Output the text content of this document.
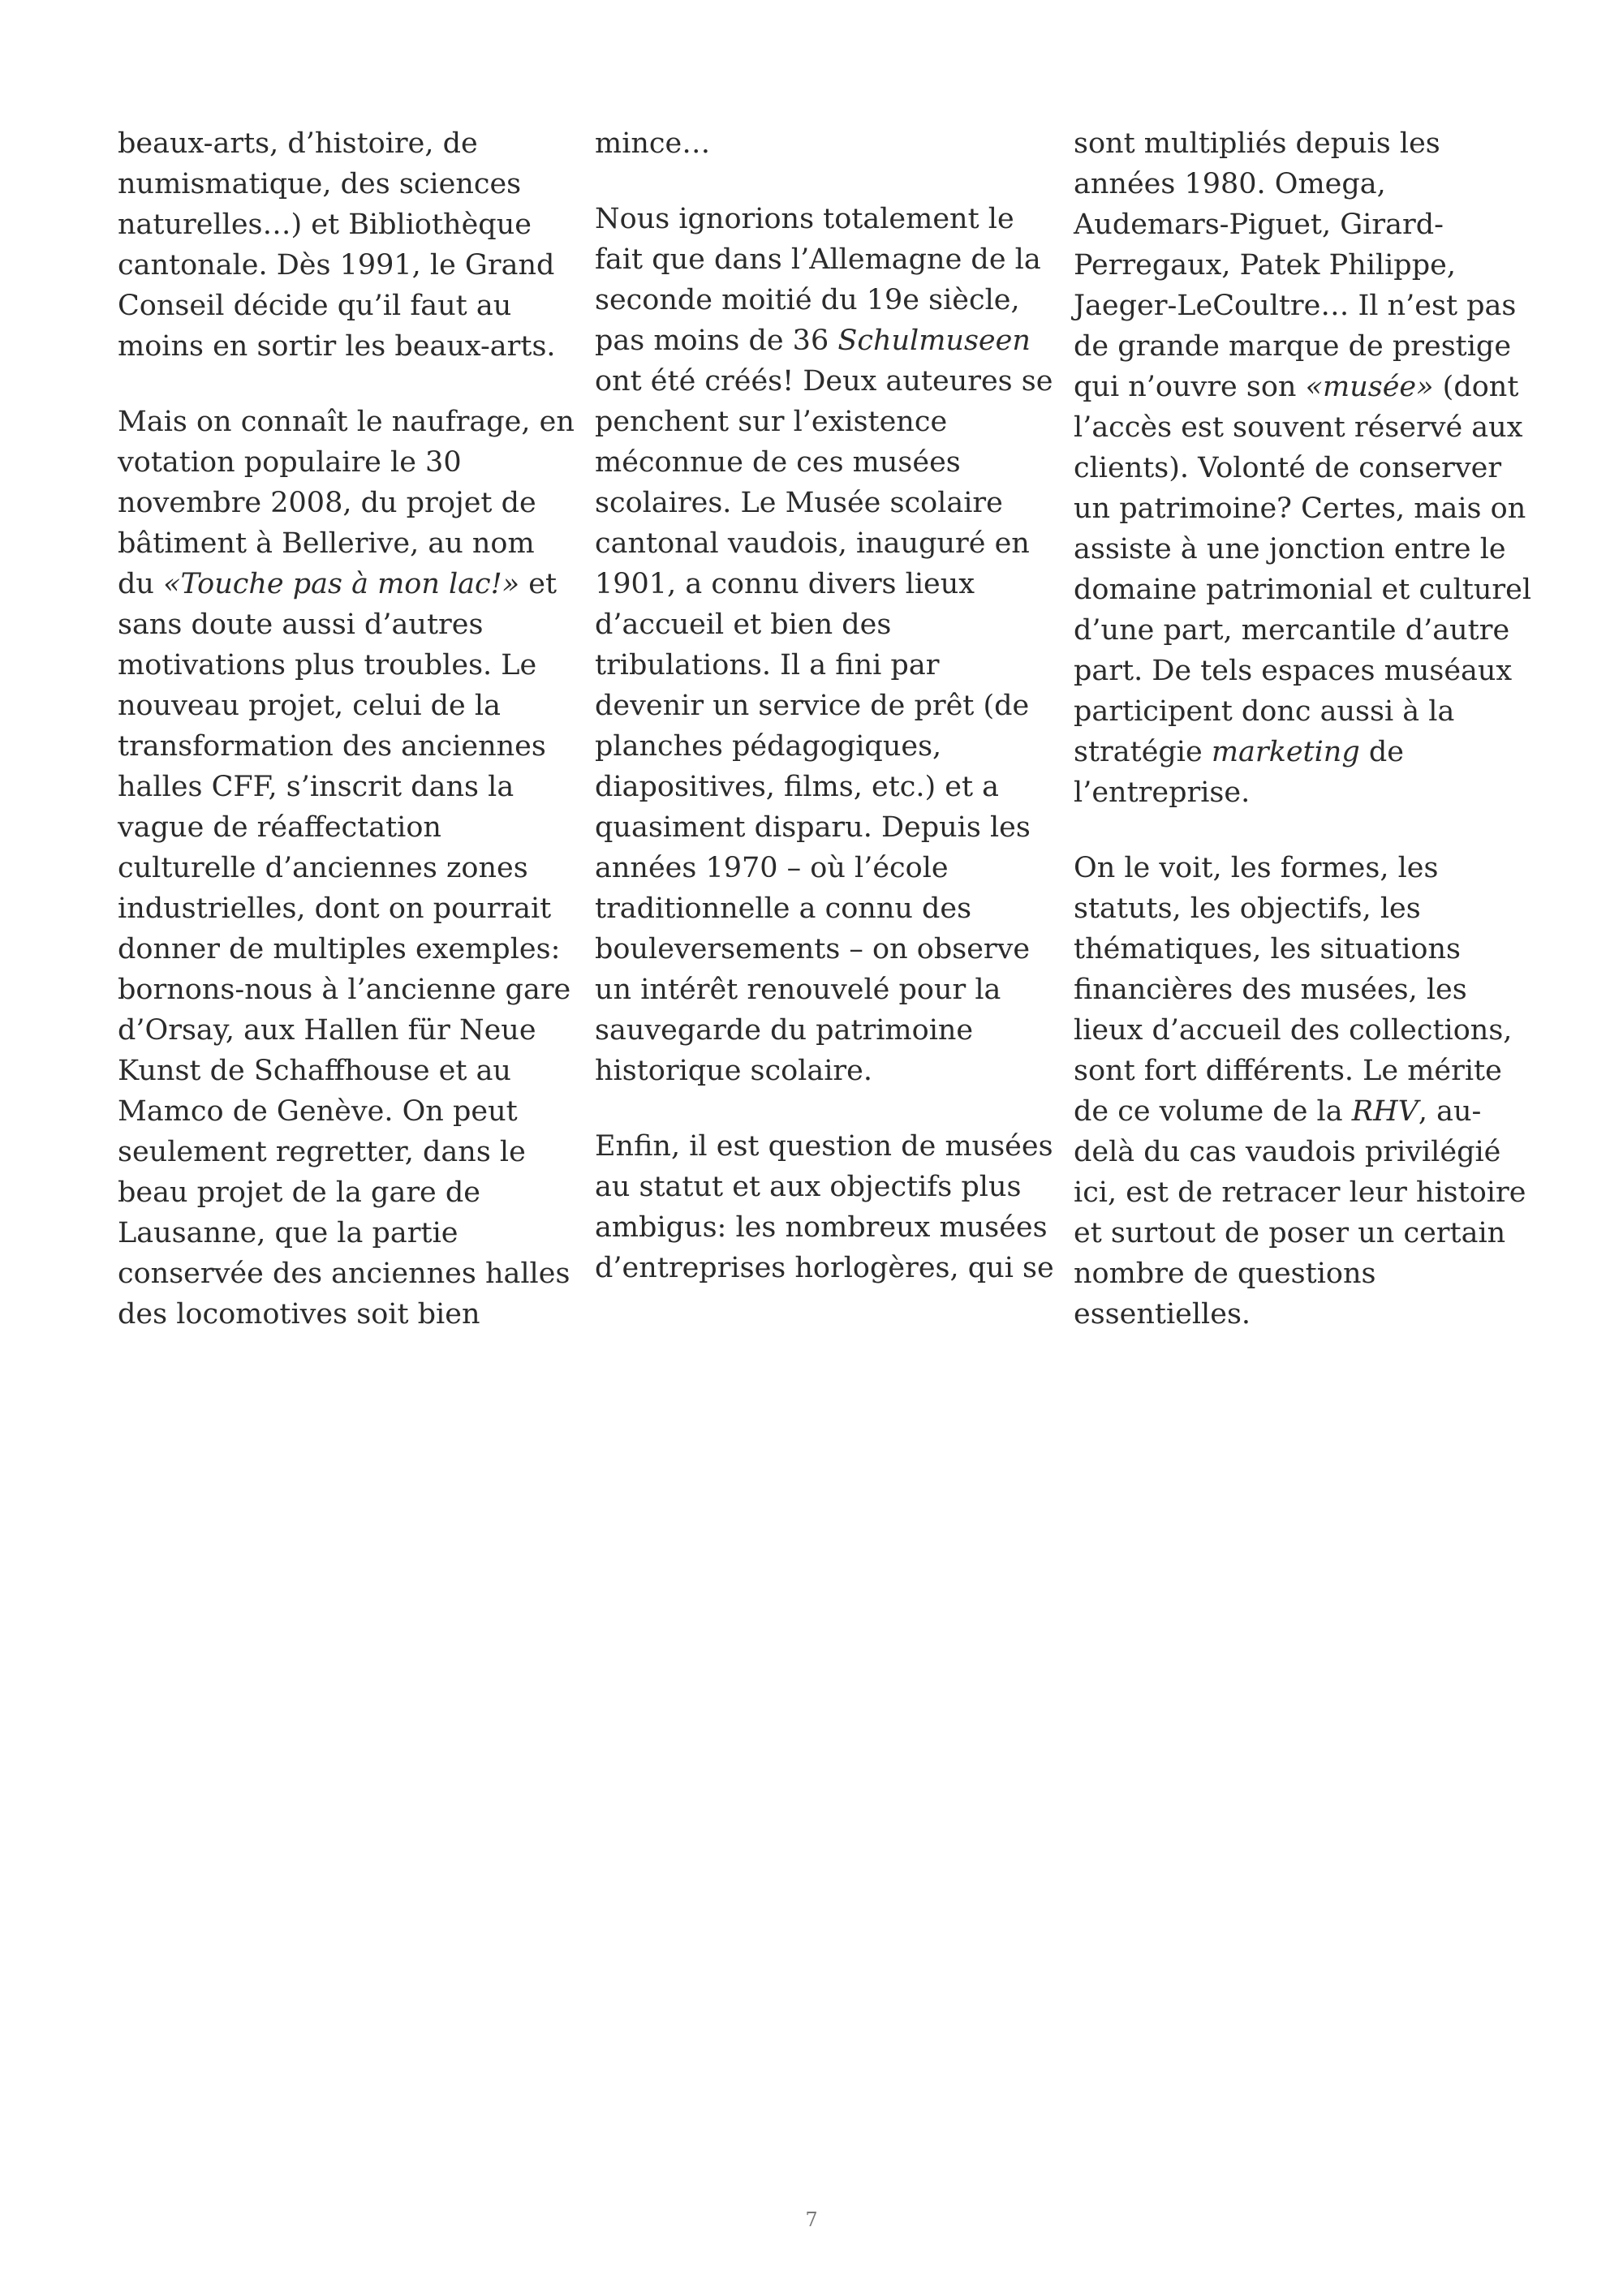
beaux-arts, d’histoire, de
numismatique, des sciences
naturelles…) et Bibliothèque
cantonale. Dès 1991, le Grand
Conseil décide qu’il faut au
moins en sortir les beaux-arts.
Mais on connaît le naufrage, en
votation populaire le 30
novembre 2008, du projet de
bâtiment à Bellerive, au nom
du «Touche pas à mon lac!» et
sans doute aussi d’autres
motivations plus troubles. Le
nouveau projet, celui de la
transformation des anciennes
halles CFF, s’inscrit dans la
vague de réaffectation
culturelle d’anciennes zones
industrielles, dont on pourrait
donner de multiples exemples:
bornons-nous à l’ancienne gare
d’Orsay, aux Hallen für Neue
Kunst de Schaffhouse et au
Mamco de Genève. On peut
seulement regretter, dans le
beau projet de la gare de
Lausanne, que la partie
conservée des anciennes halles
des locomotives soit bien
mince…
Nous ignorions totalement le
fait que dans l’Allemagne de la
seconde moitié du 19e siècle,
pas moins de 36 Schulmuseen
ont été créés! Deux auteures se
penchent sur l’existence
méconnue de ces musées
scolaires. Le Musée scolaire
cantonal vaudois, inauguré en
1901, a connu divers lieux
d’accueil et bien des
tribulations. Il a fini par
devenir un service de prêt (de
planches pédagogiques,
diapositives, films, etc.) et a
quasiment disparu. Depuis les
années 1970 – où l’école
traditionnelle a connu des
bouleversements – on observe
un intérêt renouvelé pour la
sauvegarde du patrimoine
historique scolaire.
Enfin, il est question de musées
au statut et aux objectifs plus
ambigus: les nombreux musées
d’entreprises horlogères, qui se
sont multipliés depuis les
années 1980. Omega,
Audemars-Piguet, Girard-
Perregaux, Patek Philippe,
Jaeger-LeCoultre… Il n’est pas
de grande marque de prestige
qui n’ouvre son «musée» (dont
l’accès est souvent réservé aux
clients). Volonté de conserver
un patrimoine? Certes, mais on
assiste à une jonction entre le
domaine patrimonial et culturel
d’une part, mercantile d’autre
part. De tels espaces muséaux
participent donc aussi à la
stratégie marketing de
l’entreprise.
On le voit, les formes, les
statuts, les objectifs, les
thématiques, les situations
financières des musées, les
lieux d’accueil des collections,
sont fort différents. Le mérite
de ce volume de la RHV, au-
delà du cas vaudois privilégié
ici, est de retracer leur histoire
et surtout de poser un certain
nombre de questions
essentielles.
7
